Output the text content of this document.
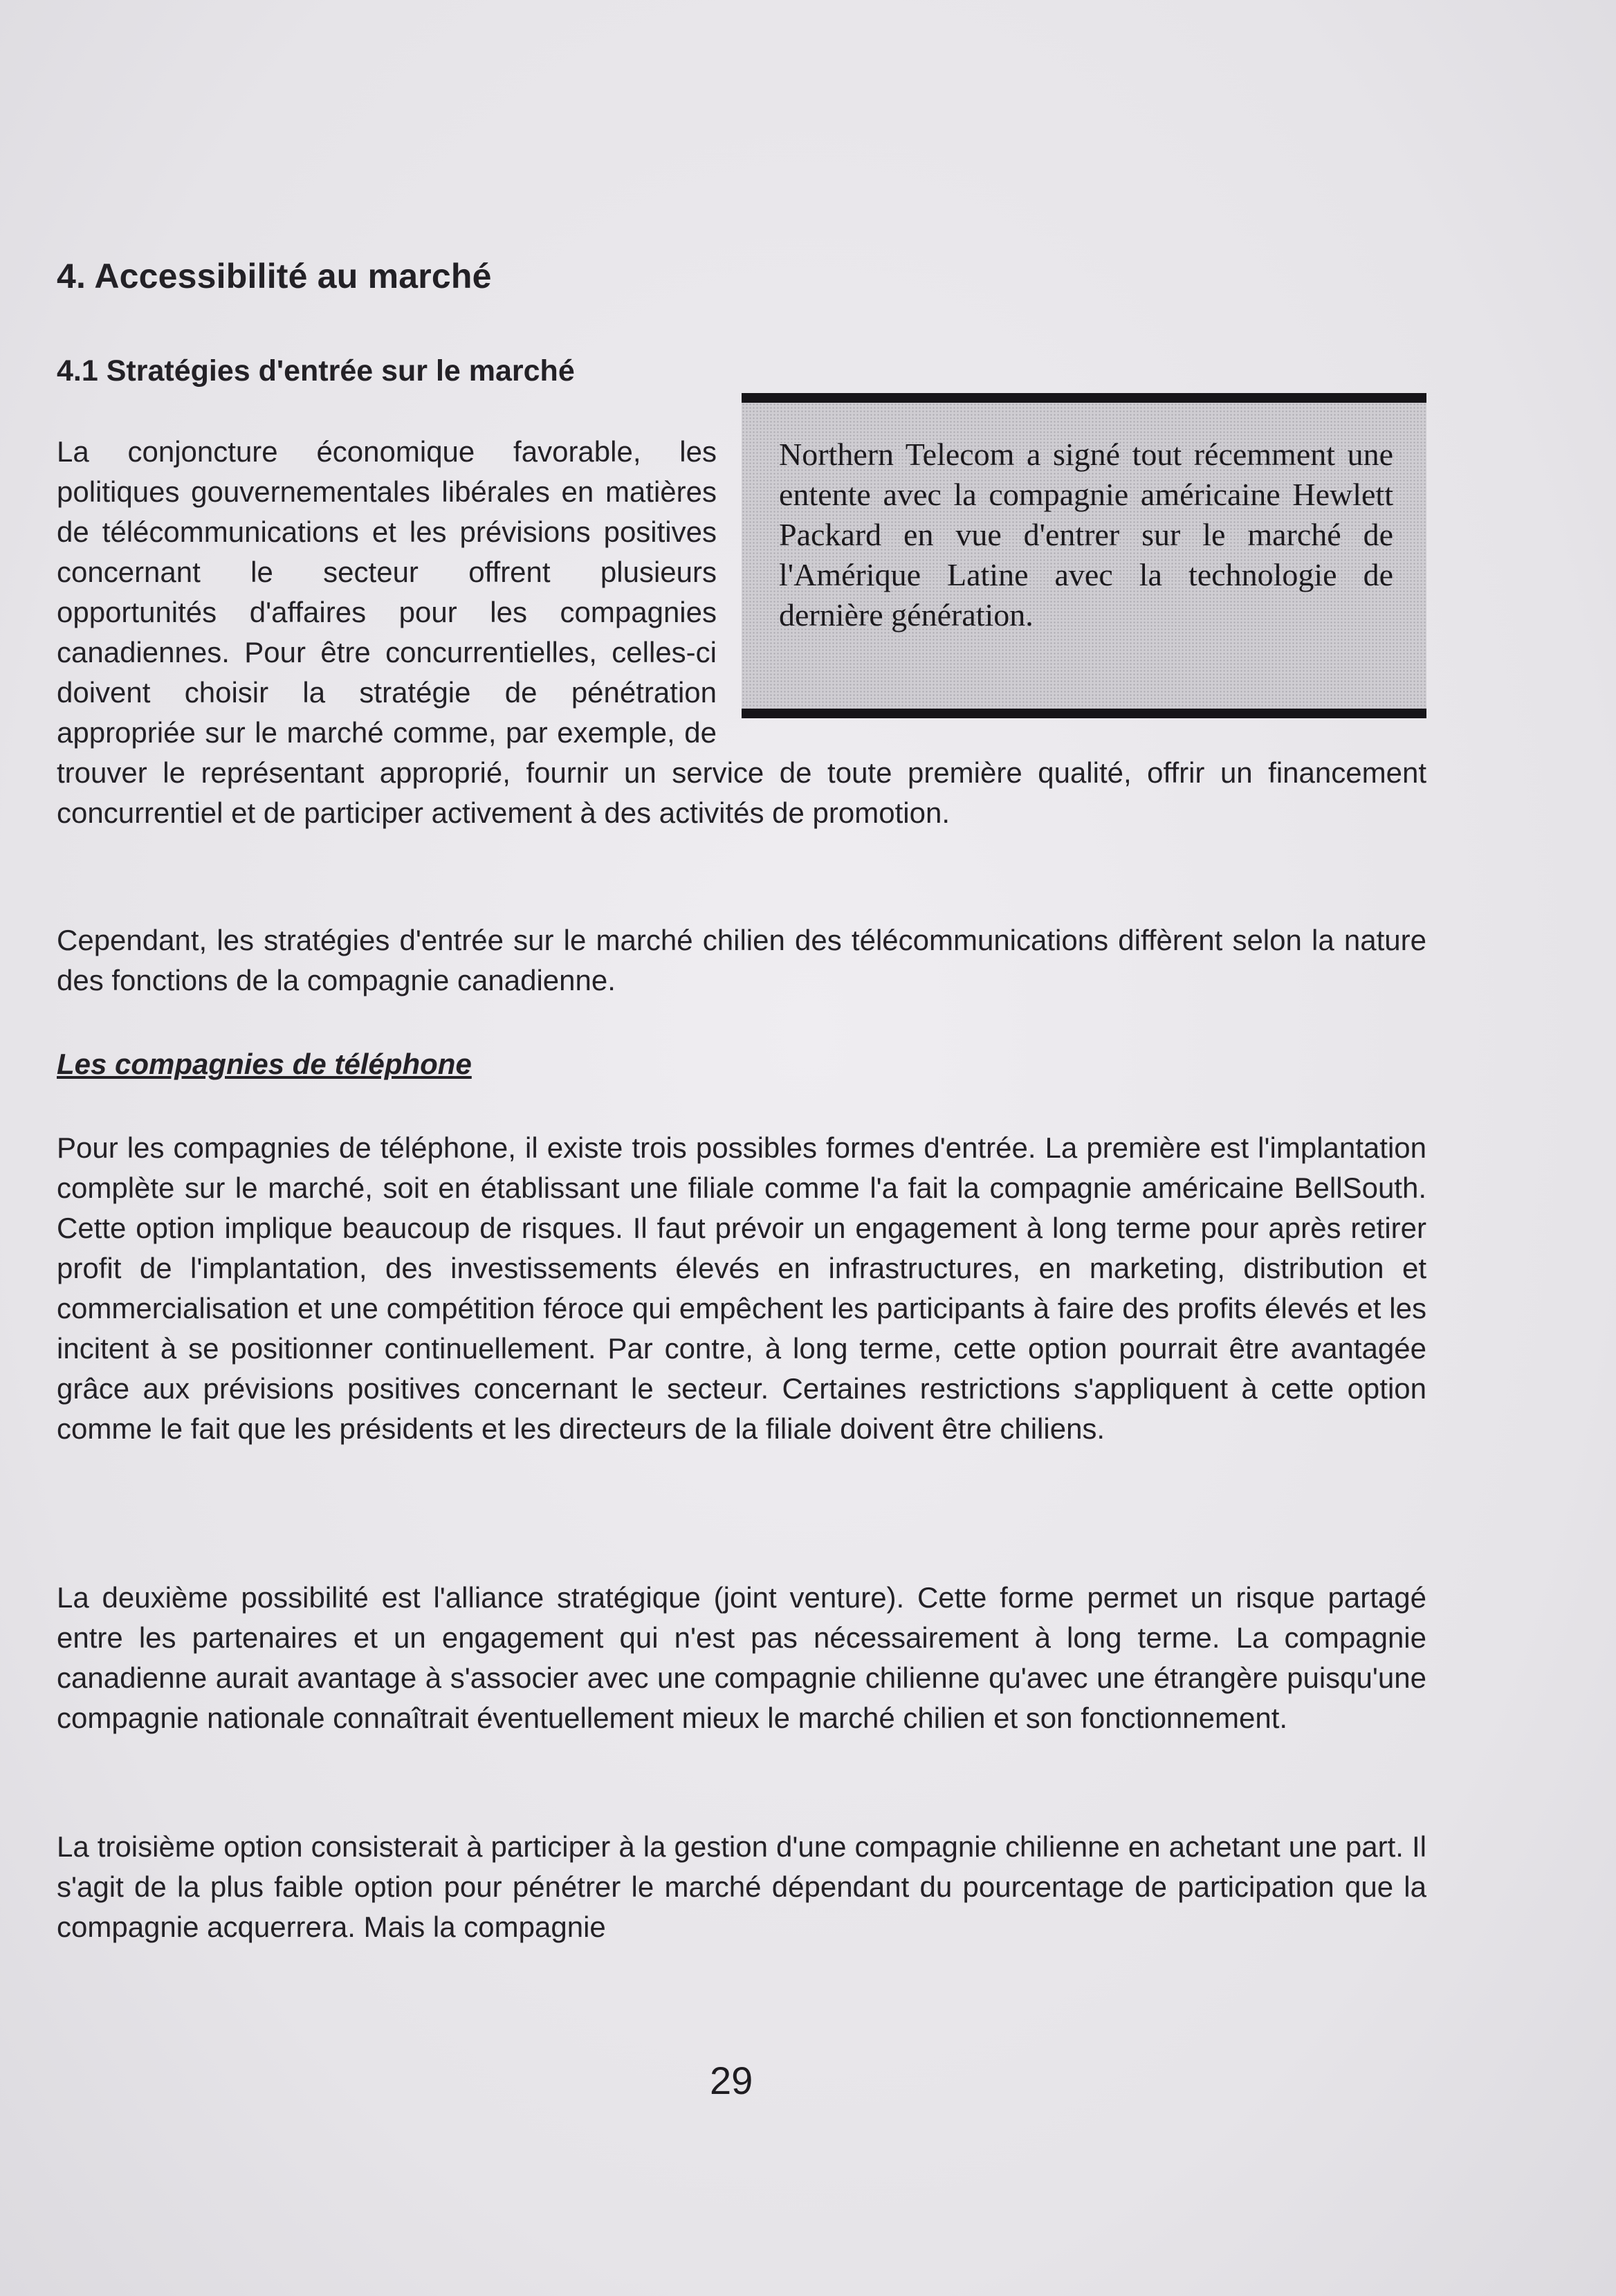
4. Accessibilité au marché
4.1 Stratégies d'entrée sur le marché

Northern Telecom a signé tout récemment une entente avec la compagnie américaine Hewlett Packard en vue d'entrer sur le marché de l'Amérique Latine avec la technologie de dernière génération.

La conjoncture économique favorable, les politiques gouvernementales libérales en matières de télécommunications et les prévisions positives concernant le secteur offrent plusieurs opportunités d'affaires pour les compagnies canadiennes. Pour être concurrentielles, celles-ci doivent choisir la stratégie de pénétration appropriée sur le marché comme, par exemple, de trouver le représentant approprié, fournir un service de toute première qualité, offrir un financement concurrentiel et de participer activement à des activités de promotion.

Cependant, les stratégies d'entrée sur le marché chilien des télécommunications diffèrent selon la nature des fonctions de la compagnie canadienne.

Les compagnies de téléphone

Pour les compagnies de téléphone, il existe trois possibles formes d'entrée. La première est l'implantation complète sur le marché, soit en établissant une filiale comme l'a fait la compagnie américaine BellSouth. Cette option implique beaucoup de risques. Il faut prévoir un engagement à long terme pour après retirer profit de l'implantation, des investissements élevés en infrastructures, en marketing, distribution et commercialisation et une compétition féroce qui empêchent les participants à faire des profits élevés et les incitent à se positionner continuellement. Par contre, à long terme, cette option pourrait être avantagée grâce aux prévisions positives concernant le secteur. Certaines restrictions s'appliquent à cette option comme le fait que les présidents et les directeurs de la filiale doivent être chiliens.

La deuxième possibilité est l'alliance stratégique (joint venture). Cette forme permet un risque partagé entre les partenaires et un engagement qui n'est pas nécessairement à long terme. La compagnie canadienne aurait avantage à s'associer avec une compagnie chilienne qu'avec une étrangère puisqu'une compagnie nationale connaîtrait éventuellement mieux le marché chilien et son fonctionnement.

La troisième option consisterait à participer à la gestion d'une compagnie chilienne en achetant une part. Il s'agit de la plus faible option pour pénétrer le marché dépendant du pourcentage de participation que la compagnie acquerrera. Mais la compagnie

29
